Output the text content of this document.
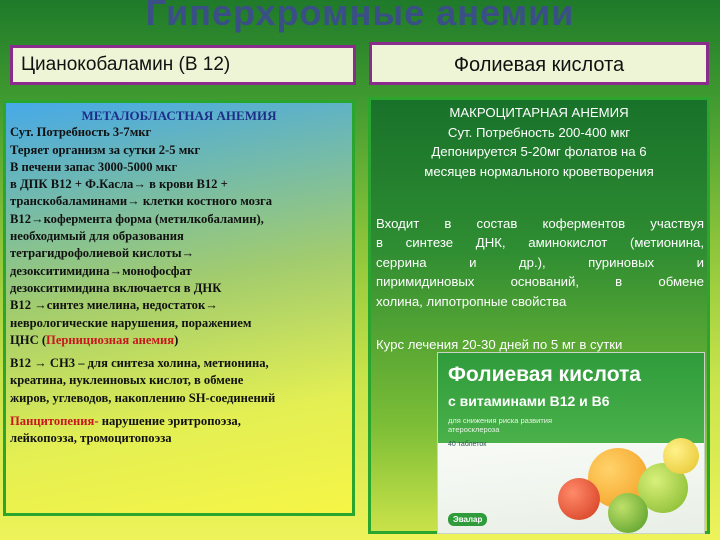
Гиперхромные анемии
Цианокобаламин (В 12)	Фолиевая кислота
МЕТАЛОБЛАСТНАЯ АНЕМИЯ
Сут. Потребность 3-7мкг
Теряет организм за сутки 2-5 мкг
В печени запас 3000-5000 мкг
в ДПК В12 + Ф.Касла→ в крови В12 +
транскобаламинами→ клетки костного мозга
В12→кофермента форма (метилкобаламин),
необходимый для образования
тетрагидрофолиевой кислоты→
дезокситимидина→монофосфат
дезокситимидина включается в ДНК
В12 →синтез миелина, недостаток→
неврологические нарушения, поражением
ЦНС (Пернициозная анемия)
В12 → СН3 – для синтеза холина, метионина,
креатина, нуклеиновых кислот, в обмене
жиров, углеводов, накоплению SH-соединений
Панцитопения- нарушение эритропоэза,
лейкопоэза, тромоцитопоэза
МАКРОЦИТАРНАЯ АНЕМИЯ
Сут. Потребность 200-400 мкг
Депонируется 5-20мг фолатов на 6
месяцев нормального кроветворения
Входит в состав коферментов участвуя
в синтезе ДНК, аминокислот (метионина,
серрина и др.), пуриновых и
пиримидиновых оснований, в обмене
холина, липотропные свойства
Курс лечения 20-30 дней по 5 мг в сутки
Фолиевая кислота
с витаминами В12 и В6
для снижения риска развития атеросклероза
40 таблеток
Эвалар
